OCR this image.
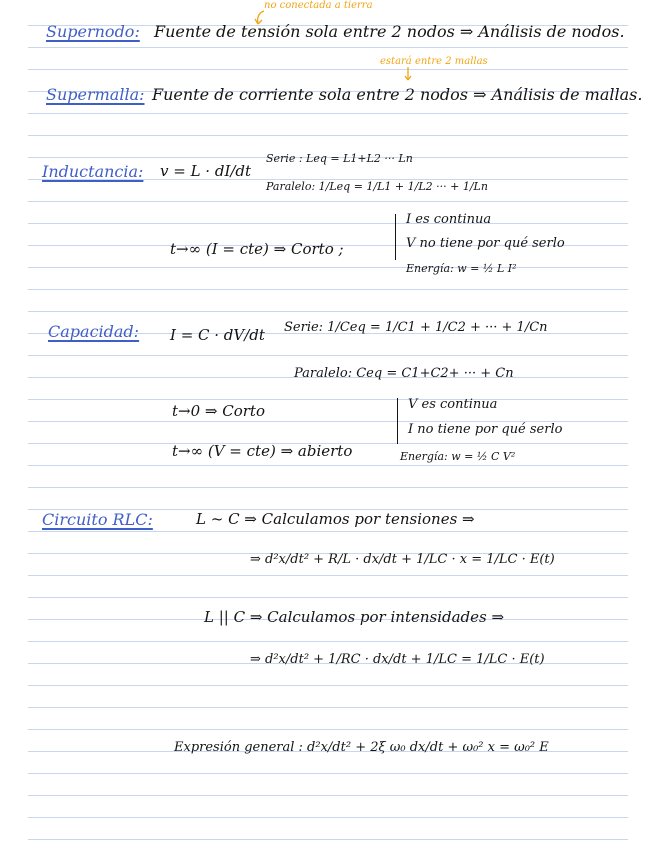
no conectada a tierra
Supernodo: Fuente de tensión sola entre 2 nodos ⇒ Análisis de nodos.
estará entre 2 mallas
Supermalla: Fuente de corriente sola entre 2 nodos ⇒ Análisis de mallas.
Inductancia: v = L · dI/dt
Serie : Leq = L1+L2 ··· Ln
Paralelo: 1/Leq = 1/L1 + 1/L2 ··· + 1/Ln
t→∞ (I = cte) ⇒ Corto ;
I es continua
V no tiene por qué serlo
Energía: w = ½ L I²
Capacidad: I = C · dV/dt Serie: 1/Ceq = 1/C1 + 1/C2 + ··· + 1/Cn
Paralelo: Ceq = C1+C2+ ··· + Cn
t→0 ⇒ Corto
t→∞ (V = cte) ⇒ abierto
V es continua
I no tiene por qué serlo
Energía: w = ½ C V²
Circuito RLC:	L ~ C ⇒ Calculamos por tensiones ⇒
⇒ d²x/dt² + R/L · dx/dt + 1/LC · x = 1/LC · E(t)
L || C ⇒ Calculamos por intensidades ⇒
⇒ d²x/dt² + 1/RC · dx/dt + 1/LC = 1/LC · E(t)
Expresión general : d²x/dt² + 2ξ ω₀ dx/dt + ω₀² x = ω₀² E
